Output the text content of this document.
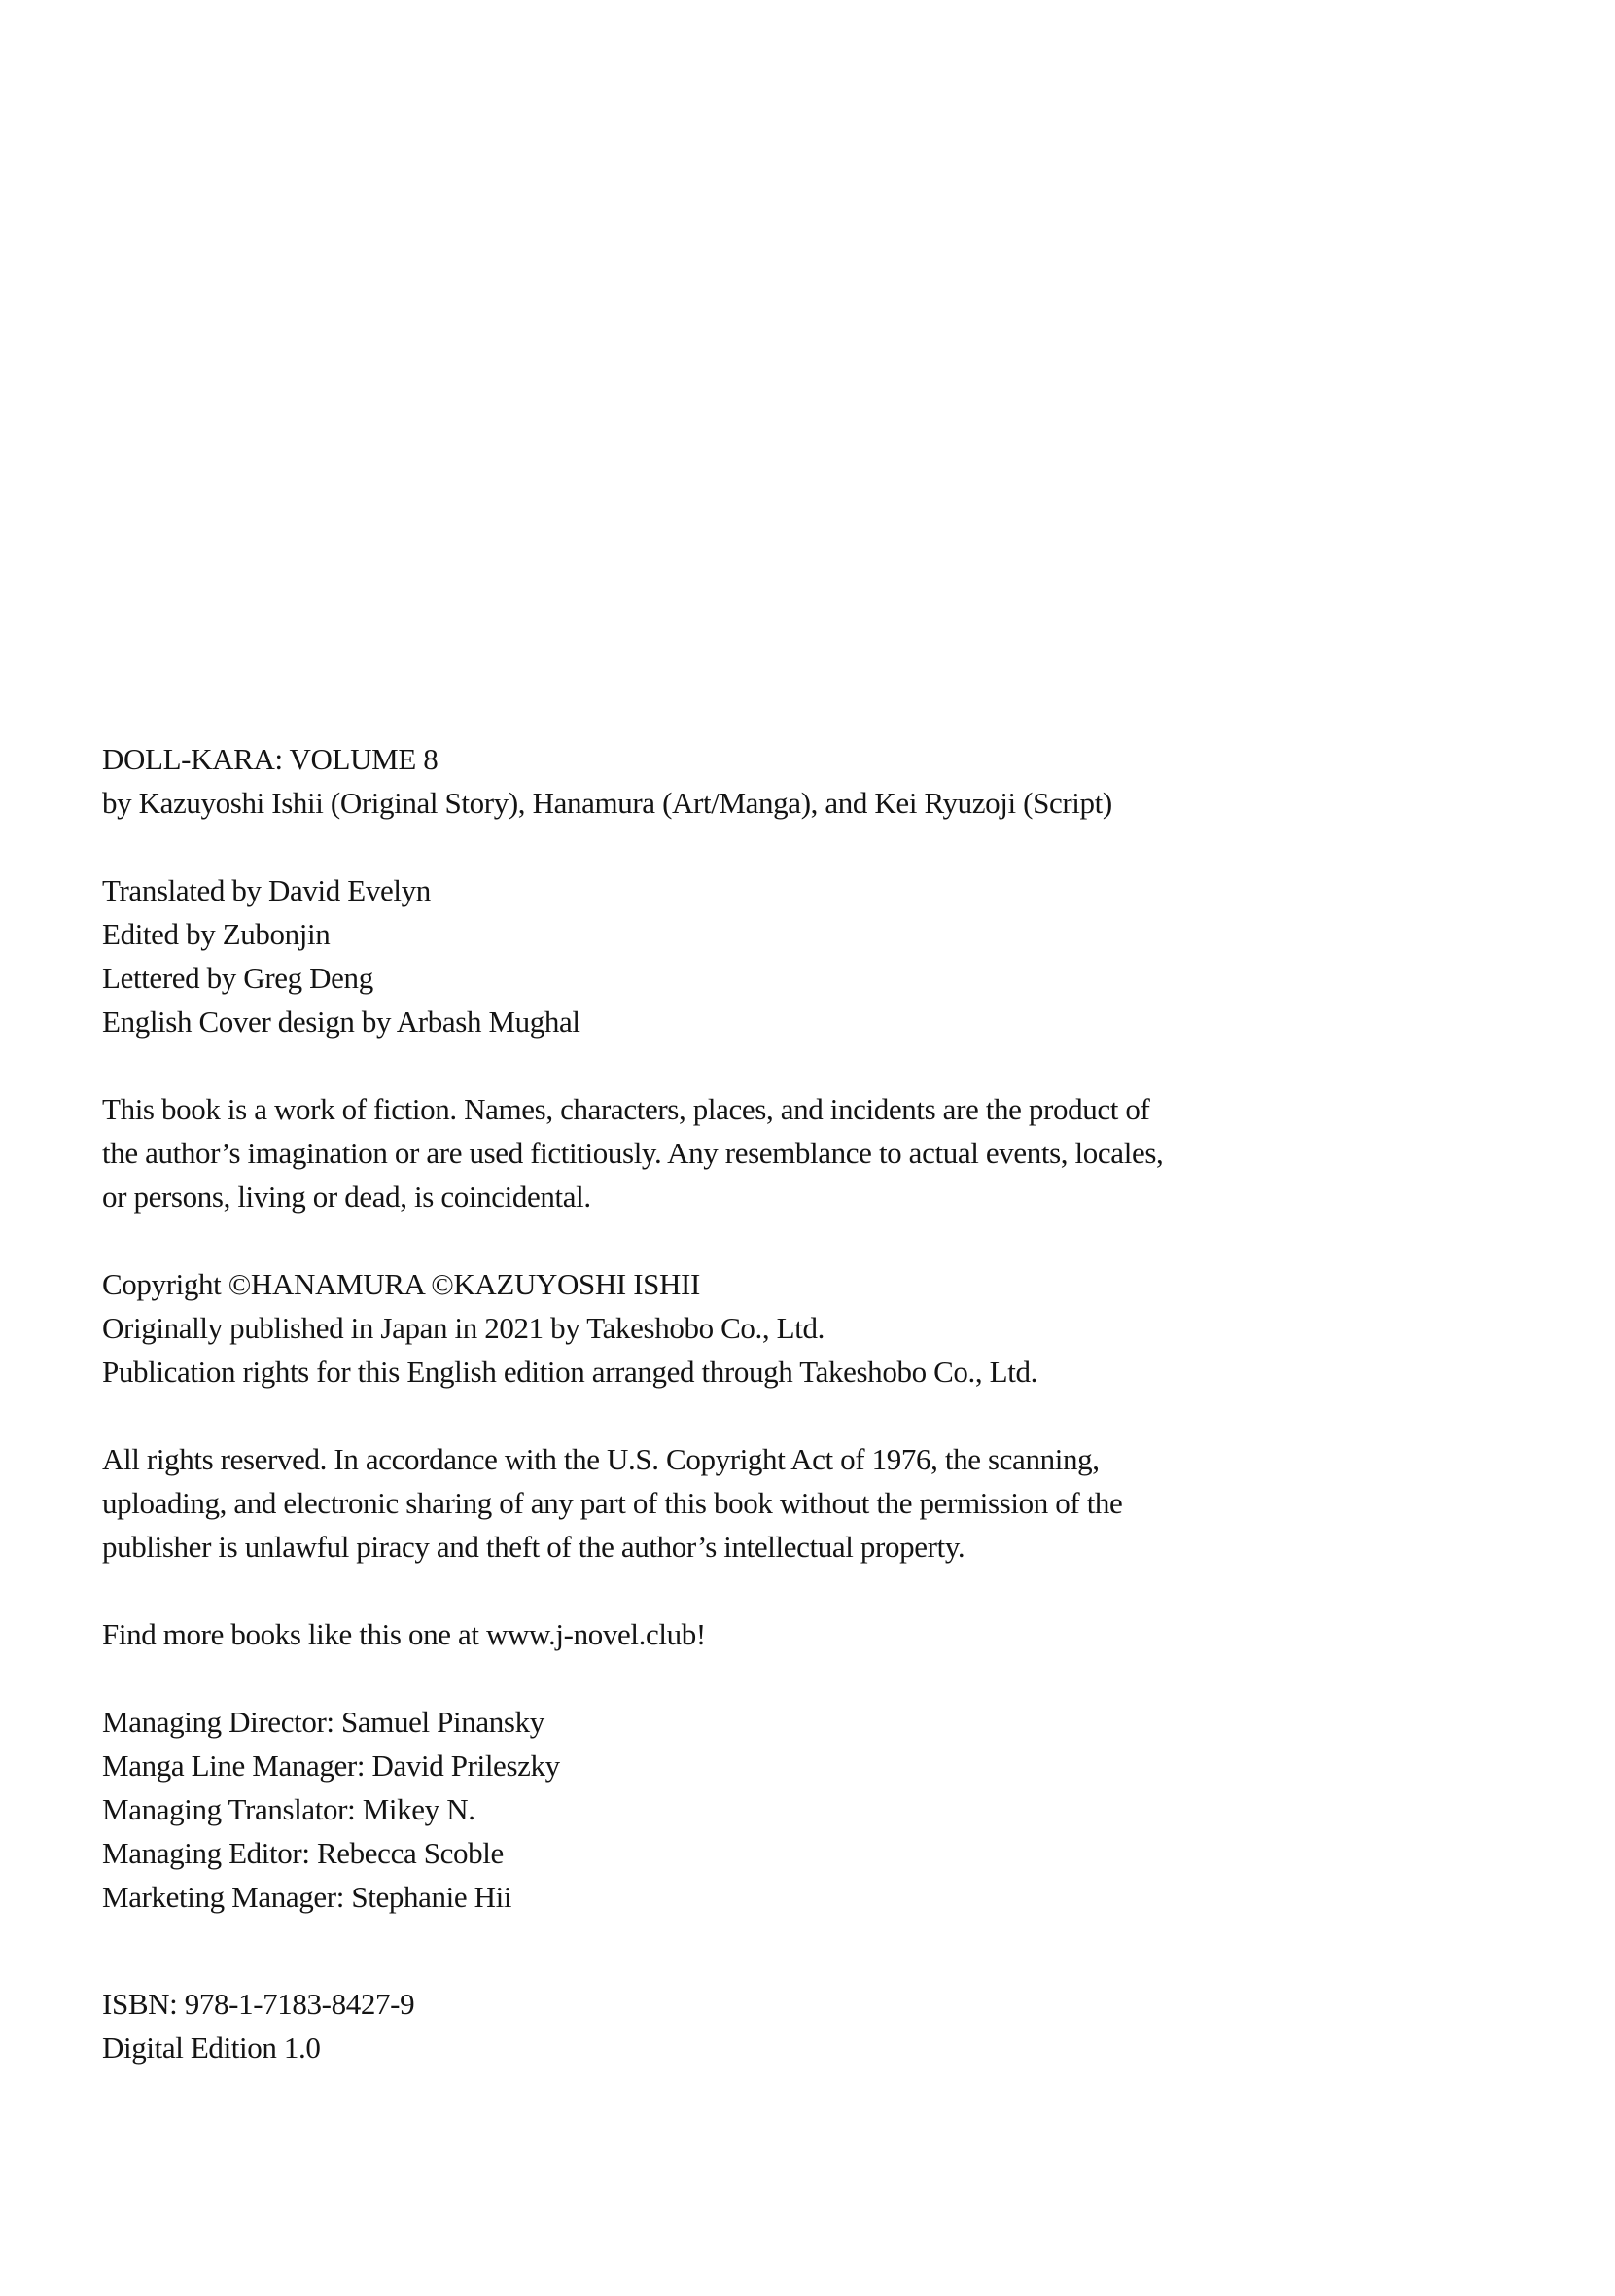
DOLL-KARA: VOLUME 8

by Kazuyoshi Ishii (Original Story), Hanamura (Art/Manga), and Kei Ryuzoji (Script)

Translated by David Evelyn

Edited by Zubonjin

Lettered by Greg Deng

English Cover design by Arbash Mughal

This book is a work of fiction. Names, characters, places, and incidents are the product of

the author’s imagination or are used fictitiously. Any resemblance to actual events, locales,

or persons, living or dead, is coincidental.

Copyright ©HANAMURA ©KAZUYOSHI ISHII

Originally published in Japan in 2021 by Takeshobo Co., Ltd.

Publication rights for this English edition arranged through Takeshobo Co., Ltd.

All rights reserved. In accordance with the U.S. Copyright Act of 1976, the scanning,

uploading, and electronic sharing of any part of this book without the permission of the

publisher is unlawful piracy and theft of the author’s intellectual property.

Find more books like this one at www.j-novel.club!

Managing Director: Samuel Pinansky

Manga Line Manager: David Prileszky

Managing Translator: Mikey N.

Managing Editor: Rebecca Scoble

Marketing Manager: Stephanie Hii

ISBN: 978-1-7183-8427-9

Digital Edition 1.0
